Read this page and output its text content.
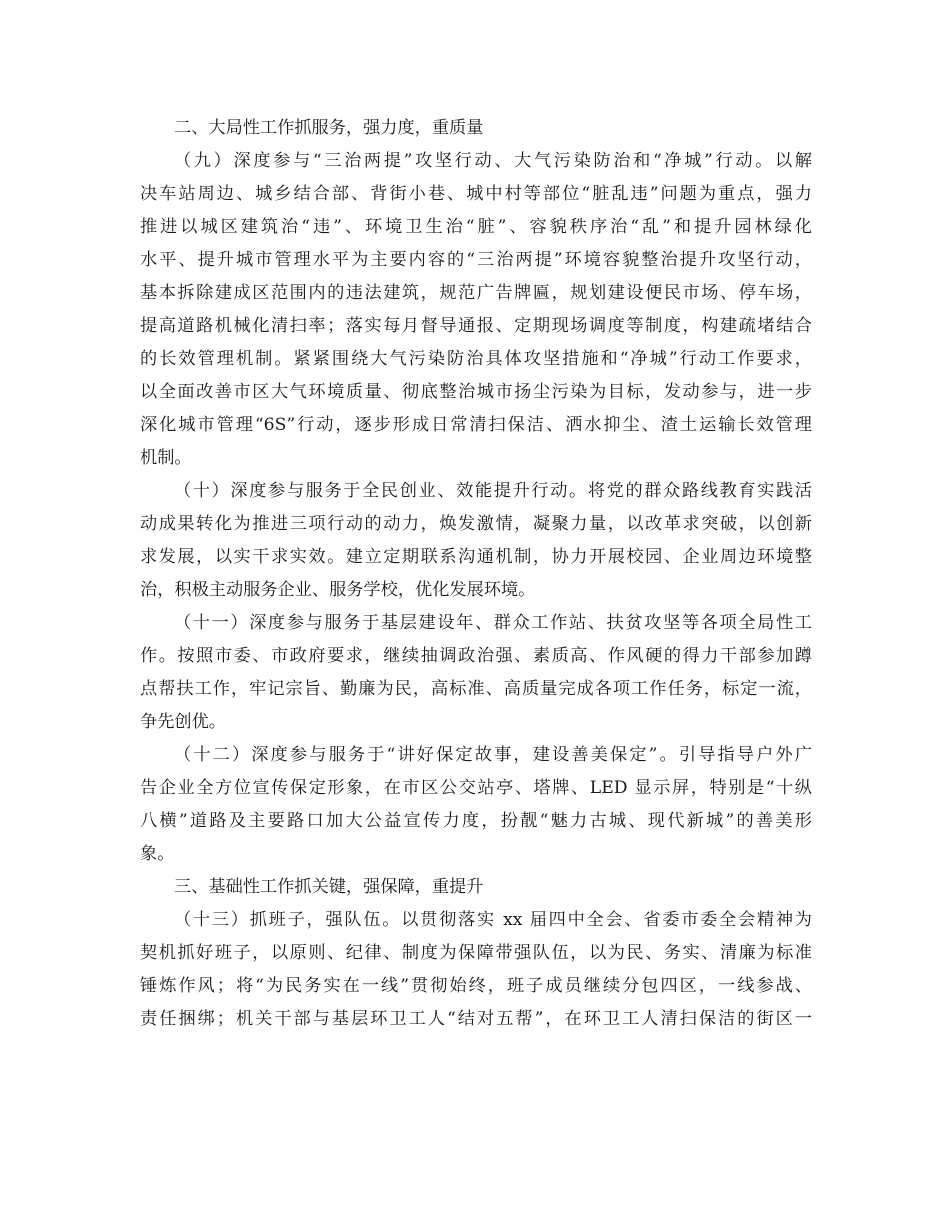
二、大局性工作抓服务，强力度，重质量
（九）深度参与“三治两提”攻坚行动、大气污染防治和“净城”行动。以解
决车站周边、城乡结合部、背街小巷、城中村等部位“脏乱违”问题为重点，强力
推进以城区建筑治“违”、环境卫生治“脏”、容貌秩序治“乱”和提升园林绿化
水平、提升城市管理水平为主要内容的“三治两提”环境容貌整治提升攻坚行动，
基本拆除建成区范围内的违法建筑，规范广告牌匾，规划建设便民市场、停车场，
提高道路机械化清扫率；落实每月督导通报、定期现场调度等制度，构建疏堵结合
的长效管理机制。紧紧围绕大气污染防治具体攻坚措施和“净城”行动工作要求，
以全面改善市区大气环境质量、彻底整治城市扬尘污染为目标，发动参与，进一步
深化城市管理“6S”行动，逐步形成日常清扫保洁、洒水抑尘、渣土运输长效管理
机制。
（十）深度参与服务于全民创业、效能提升行动。将党的群众路线教育实践活
动成果转化为推进三项行动的动力，焕发激情，凝聚力量，以改革求突破，以创新
求发展，以实干求实效。建立定期联系沟通机制，协力开展校园、企业周边环境整
治，积极主动服务企业、服务学校，优化发展环境。
（十一）深度参与服务于基层建设年、群众工作站、扶贫攻坚等各项全局性工
作。按照市委、市政府要求，继续抽调政治强、素质高、作风硬的得力干部参加蹲
点帮扶工作，牢记宗旨、勤廉为民，高标准、高质量完成各项工作任务，标定一流，
争先创优。
（十二）深度参与服务于“讲好保定故事，建设善美保定”。引导指导户外广
告企业全方位宣传保定形象，在市区公交站亭、塔牌、LED 显示屏，特别是“十纵
八横”道路及主要路口加大公益宣传力度，扮靓“魅力古城、现代新城”的善美形
象。
三、基础性工作抓关键，强保障，重提升
（十三）抓班子，强队伍。以贯彻落实 xx 届四中全会、省委市委全会精神为
契机抓好班子，以原则、纪律、制度为保障带强队伍，以为民、务实、清廉为标准
锤炼作风；将“为民务实在一线”贯彻始终，班子成员继续分包四区，一线参战、
责任捆绑；机关干部与基层环卫工人“结对五帮”，在环卫工人清扫保洁的街区一
